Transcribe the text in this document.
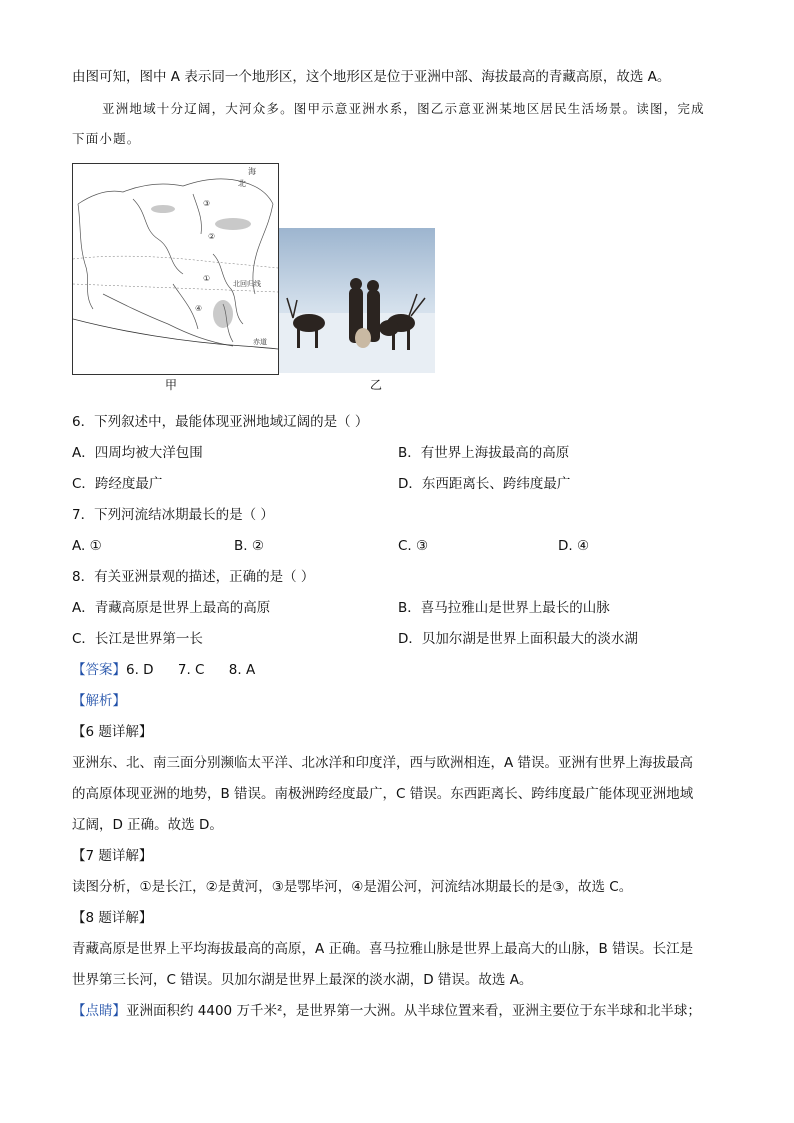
由图可知，图中 A 表示同一个地形区，这个地形区是位于亚洲中部、海拔最高的青藏高原，故选 A。
亚洲地域十分辽阔，大河众多。图甲示意亚洲水系，图乙示意亚洲某地区居民生活场景。读图，完成
下面小题。
海
北
③
②
①
④
北回归线
赤道
甲	乙
6．下列叙述中，最能体现亚洲地域辽阔的是（ ）
A．四周均被大洋包围	B．有世界上海拔最高的高原
C．跨经度最广	D．东西距离长、跨纬度最广
7．下列河流结冰期最长的是（ ）
A. ①	B. ②	C. ③	D. ④
8．有关亚洲景观的描述，正确的是（ ）
A．青藏高原是世界上最高的高原	B．喜马拉雅山是世界上最长的山脉
C．长江是世界第一长	D．贝加尔湖是世界上面积最大的淡水湖
【答案】6. D 7. C 8. A
【解析】
【6 题详解】
亚洲东、北、南三面分别濒临太平洋、北冰洋和印度洋，西与欧洲相连，A 错误。亚洲有世界上海拔最高
的高原体现亚洲的地势，B 错误。南极洲跨经度最广，C 错误。东西距离长、跨纬度最广能体现亚洲地域
辽阔，D 正确。故选 D。
【7 题详解】
读图分析，①是长江，②是黄河，③是鄂毕河，④是湄公河，河流结冰期最长的是③，故选 C。
【8 题详解】
青藏高原是世界上平均海拔最高的高原，A 正确。喜马拉雅山脉是世界上最高大的山脉，B 错误。长江是
世界第三长河，C 错误。贝加尔湖是世界上最深的淡水湖，D 错误。故选 A。
【点睛】亚洲面积约 4400 万千米²，是世界第一大洲。从半球位置来看，亚洲主要位于东半球和北半球；
